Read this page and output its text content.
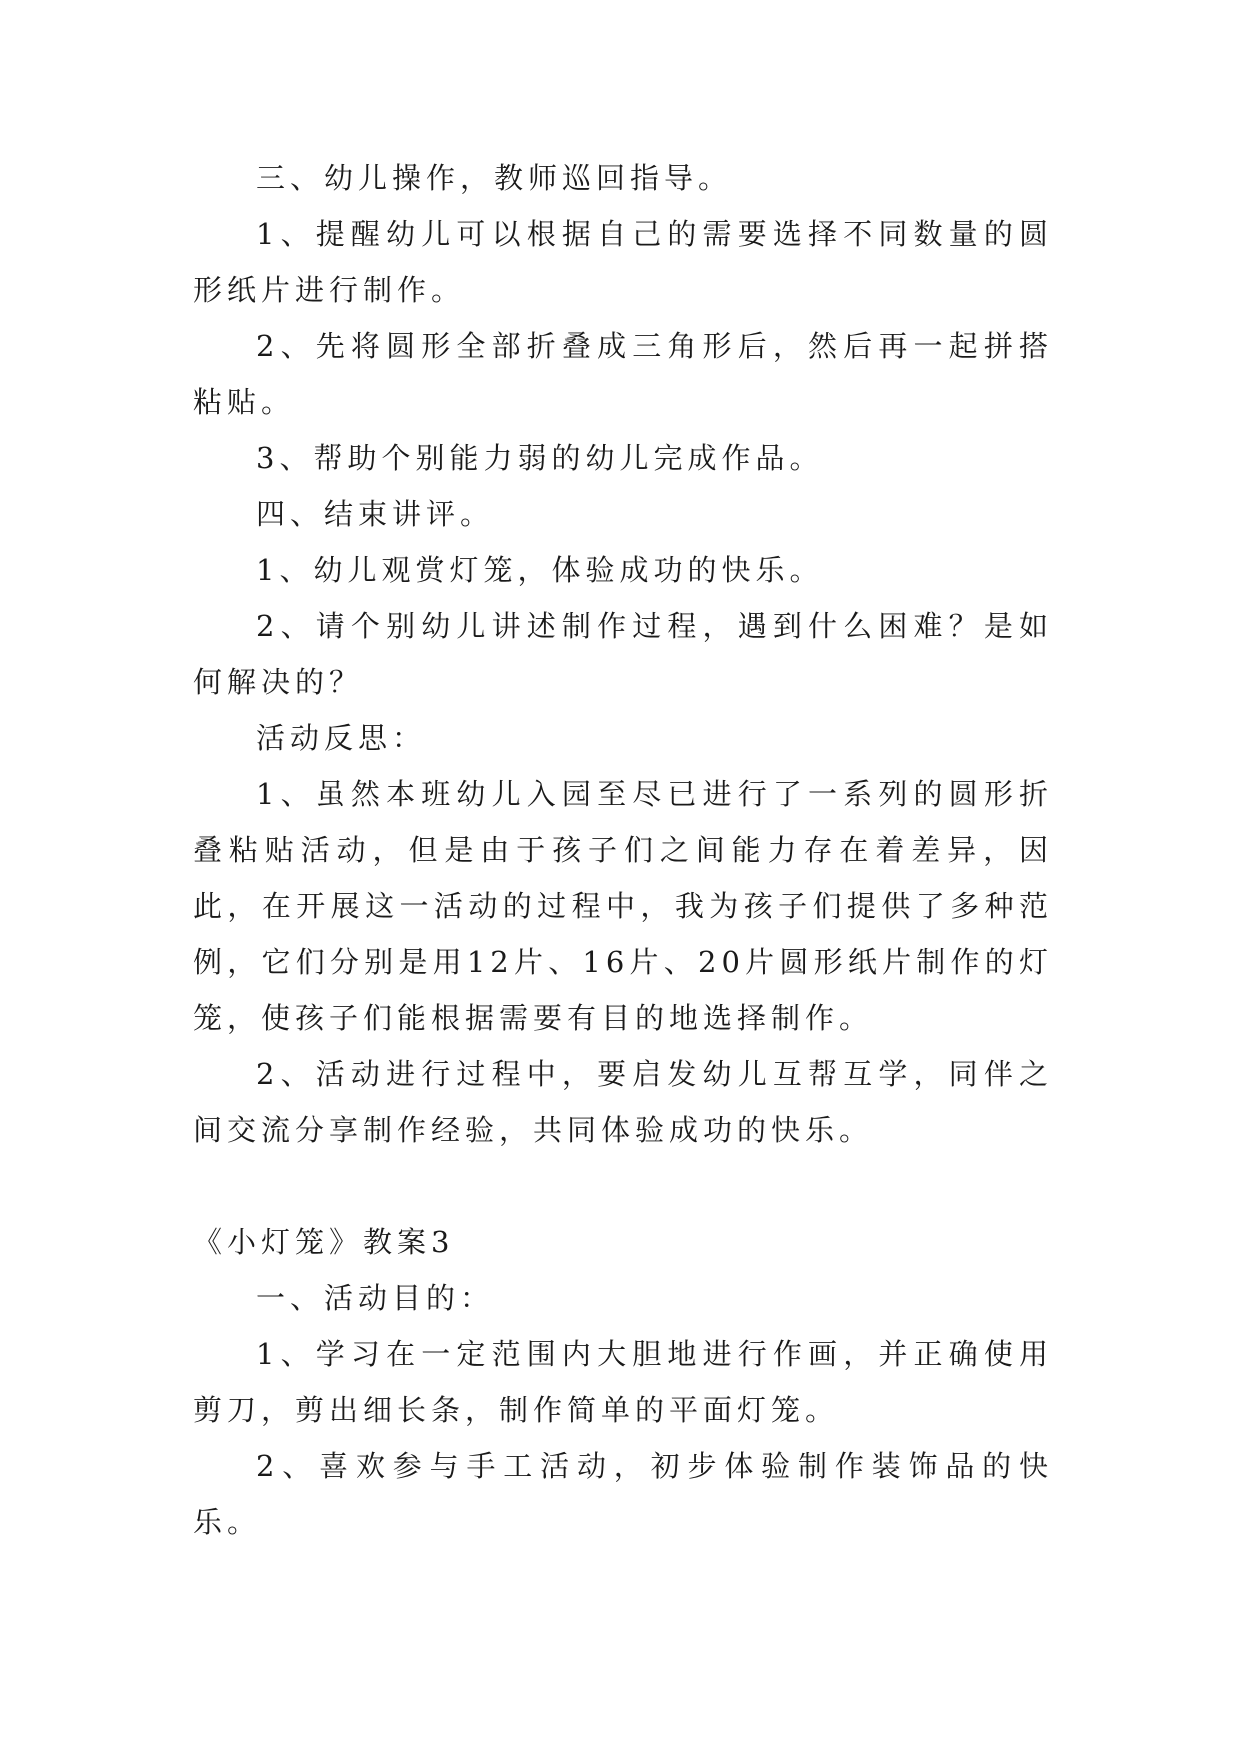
三、幼儿操作，教师巡回指导。

1、提醒幼儿可以根据自己的需要选择不同数量的圆形纸片进行制作。

2、先将圆形全部折叠成三角形后，然后再一起拼搭粘贴。

3、帮助个别能力弱的幼儿完成作品。

四、结束讲评。

1、幼儿观赏灯笼，体验成功的快乐。

2、请个别幼儿讲述制作过程，遇到什么困难？是如何解决的？

活动反思：

1、虽然本班幼儿入园至尽已进行了一系列的圆形折叠粘贴活动，但是由于孩子们之间能力存在着差异，因此，在开展这一活动的过程中，我为孩子们提供了多种范例，它们分别是用12片、16片、20片圆形纸片制作的灯笼，使孩子们能根据需要有目的地选择制作。

2、活动进行过程中，要启发幼儿互帮互学，同伴之间交流分享制作经验，共同体验成功的快乐。

《小灯笼》教案3

一、活动目的：

1、学习在一定范围内大胆地进行作画，并正确使用剪刀，剪出细长条，制作简单的平面灯笼。

2、喜欢参与手工活动，初步体验制作装饰品的快乐。
